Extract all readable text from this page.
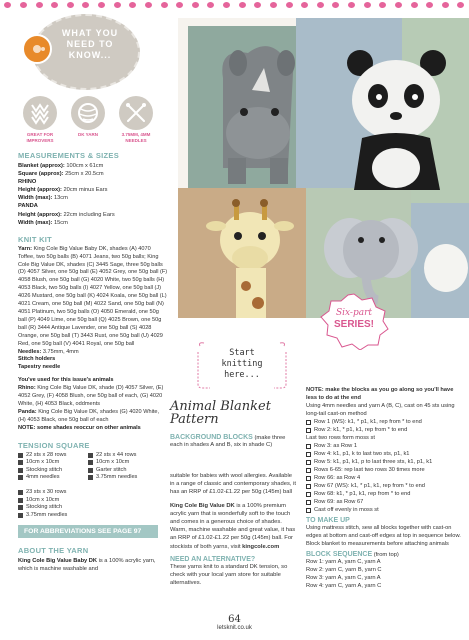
WHAT YOU
NEED TO
KNOW...
GREAT FOR IMPROVERS
DK YARN	3.75MM, 4MM NEEDLES
MEASUREMENTS & SIZES
Blanket (approx): 100cm x 61cm
Square (approx): 25cm x 20.5cm
RHINO
Height (approx): 20cm minus Ears
Width (max): 13cm
PANDA
Height (approx): 22cm including Ears
Width (max): 15cm
KNIT KIT
Yarn: King Cole Big Value Baby DK, shades (A) 4070 Toffee, two 50g balls (B) 4071 Jeans, two 50g balls; King Cole Big Value DK, shades (C) 3445 Sage, three 50g balls (D) 4057 Silver, one 50g ball (E) 4052 Grey, one 50g ball (F) 4058 Blush, one 50g ball (G) 4020 White, two 50g balls (H) 4053 Black, two 50g balls (I) 4027 Yellow, one 50g ball (J) 4026 Mustard, one 50g ball (K) 4024 Koala, one 50g ball (L) 4021 Cream, one 50g ball (M) 4022 Sand, one 50g ball (N) 4051 Platinum, two 50g balls (O) 4050 Emerald, one 50g ball (P) 4049 Lime, one 50g ball (Q) 4025 Brown, one 50g ball (R) 3444 Antique Lavender, one 50g ball (S) 4028 Orange, one 50g ball (T) 3443 Rust, one 50g ball (U) 4029 Red, one 50g ball (V) 4041 Royal, one 50g ball
Needles: 3.75mm, 4mm
Stitch holders
Tapestry needle
You've used for this issue's animals
Rhino: King Cole Big Value DK, shade (D) 4057 Silver, (E) 4052 Grey, (F) 4058 Blush, one 50g ball of each, (G) 4020 White, (H) 4053 Black, oddments
Panda: King Cole Big Value DK, shades (G) 4020 White, (H) 4053 Black, one 50g ball of each
NOTE: some shades reoccur on other animals
TENSION SQUARE
22 sts x 28 rows
10cm x 10cm
Stocking stitch
4mm needles
23 sts x 30 rows
10cm x 10cm
Stocking stitch
3.75mm needles
22 sts x 44 rows
10cm x 10cm
Garter stitch
3.75mm needles
FOR ABBREVIATIONS SEE PAGE 97
ABOUT THE YARN
King Cole Big Value Baby DK is a 100% acrylic yarn, which is machine washable and
Six-part
SERIES!
Start
knitting
here...
Animal Blanket
Pattern
BACKGROUND BLOCKS (make three each in shades A and B, six in shade C)
suitable for babies with wool allergies. Available in a range of classic and contemporary shades, it has an RRP of £1.02-£1.22 per 50g (145m) ball
King Cole Big Value DK is a 100% premium acrylic yarn that is wonderfully soft to the touch and comes in a generous choice of shades. Warm, machine washable and great value, it has an RRP of £1.02-£1.22 per 50g (145m) ball. For stockists of both yarns, visit kingcole.com
NEED AN ALTERNATIVE?
These yarns knit to a standard DK tension, so check with your local yarn store for suitable alternatives.
NOTE: make the blocks as you go along so you'll have less to do at the end
Using 4mm needles and yarn A (B, C), cast on 45 sts using long-tail cast-on method
Row 1 (WS): k1, * p1, k1, rep from * to end
Row 2: k1, * p1, k1, rep from * to end
Last two rows form moss st
Row 3: as Row 1
Row 4: k1, p1, k to last two sts, p1, k1
Row 5: k1, p1, k1, p to last three sts, k1, p1, k1
Rows 6-65: rep last two rows 30 times more
Row 66: as Row 4
Row 67 (WS): k1, * p1, k1, rep from * to end
Row 68: k1, * p1, k1, rep from * to end
Row 69: as Row 67
Cast off evenly in moss st
TO MAKE UP
Using mattress stitch, sew all blocks together with cast-on edges at bottom and cast-off edges at top in sequence below. Block blanket to measurements before attaching animals
BLOCK SEQUENCE (from top)
Row 1: yarn A, yarn C, yarn A
Row 2: yarn C, yarn B, yarn C
Row 3: yarn A, yarn C, yarn A
Row 4: yarn C, yarn A, yarn C
64
letsknit.co.uk
